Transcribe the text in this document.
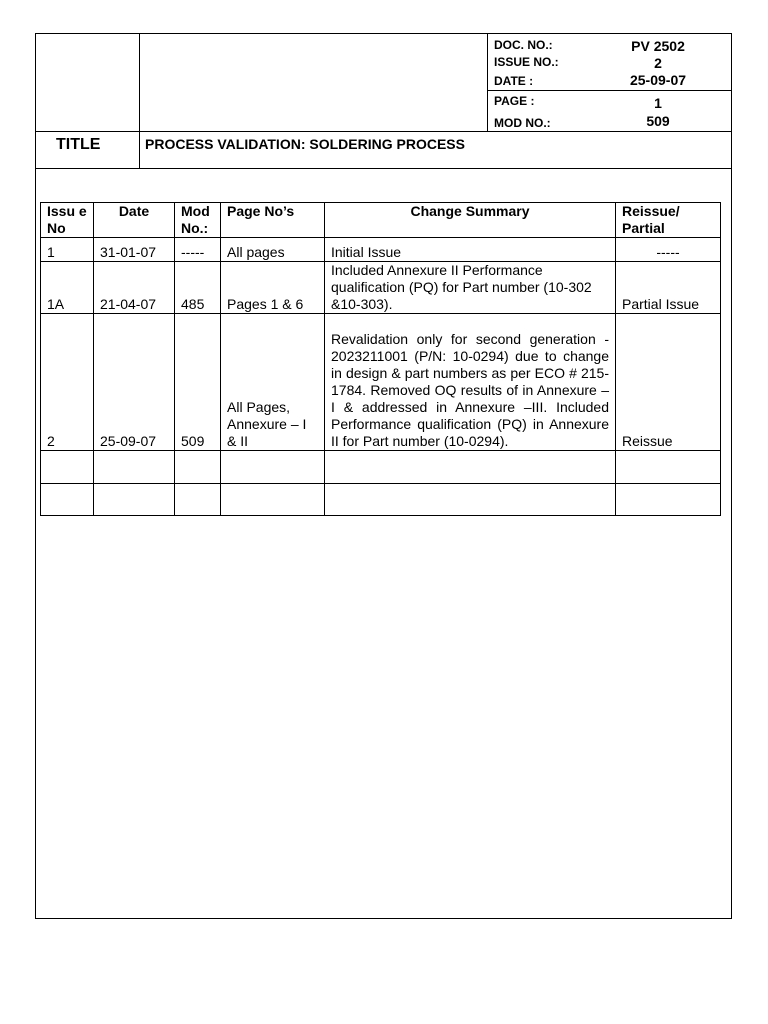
DOC. NO.:	PV 2502
ISSUE NO.:	2
DATE :	25-09-07
PAGE :	1
MOD NO.:	509
TITLE	PROCESS VALIDATION: SOLDERING PROCESS
Issu e No	Date	Mod No.:	Page No’s	Change Summary	Reissue/ Partial
1	31-01-07	-----	All pages	Initial Issue	-----
1A	21-04-07	485	Pages 1 & 6	Included Annexure II Performance qualification (PQ) for Part number (10-302 &10-303).	Partial Issue
2	25-09-07	509	All Pages, Annexure – I & II	Revalidation only for second generation - 2023211001 (P/N: 10-0294) due to change in design & part numbers as per ECO # 215-1784. Removed OQ results of in Annexure – I & addressed in Annexure –III. Included Performance qualification (PQ) in Annexure II for Part number (10-0294).	Reissue
